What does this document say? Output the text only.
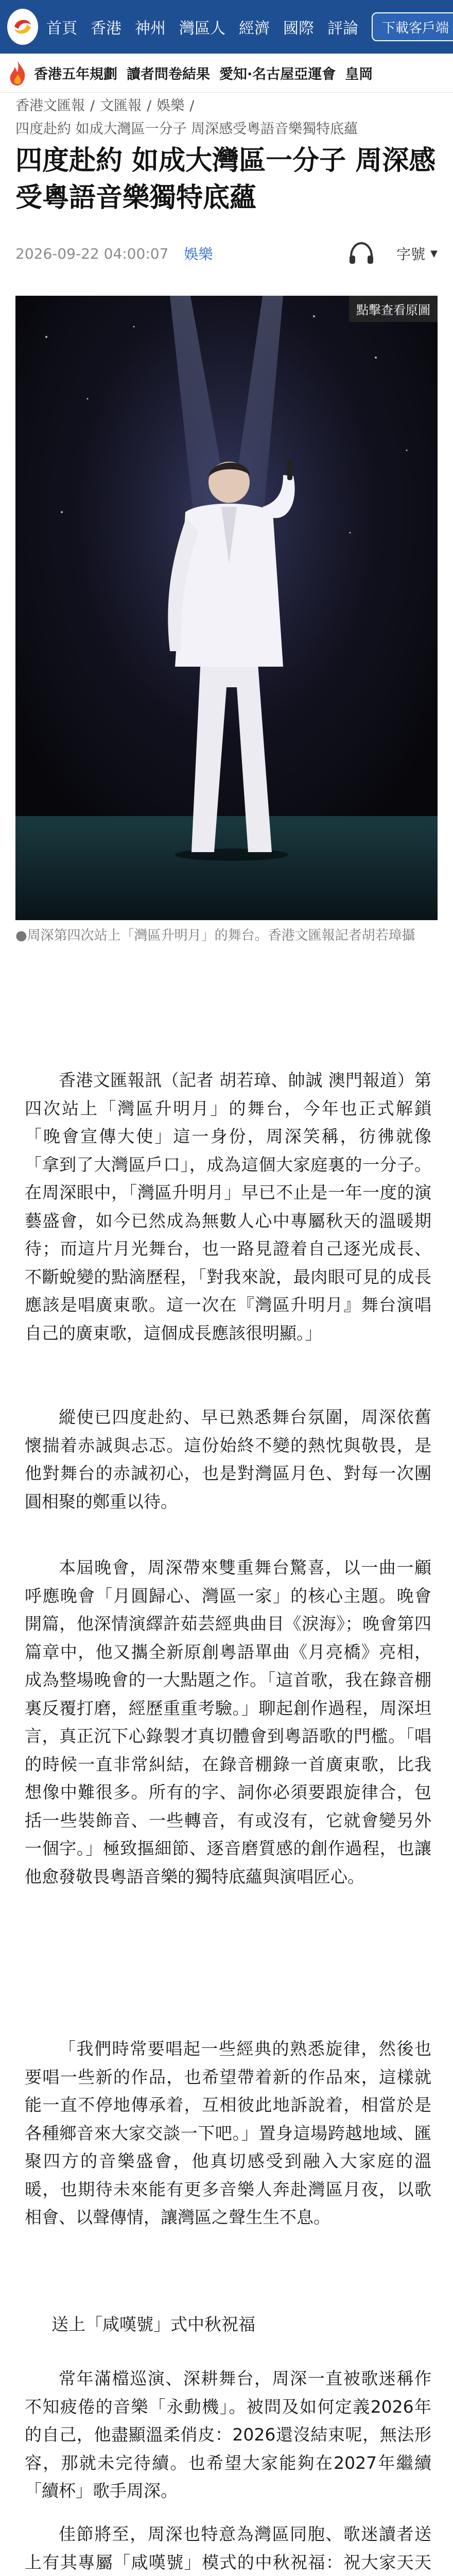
首頁 香港 神州 灣區人 經濟 國際 評論	下載客戶端
香港五年規劃 讀者問卷結果 愛知·名古屋亞運會 皇岡
香港文匯報 / 文匯報 / 娛樂 /
四度赴約 如成大灣區一分子 周深感受粵語音樂獨特底蘊
四度赴約 如成大灣區一分子 周深感受粵語音樂獨特底蘊
2026-09-22 04:00:07 娛樂	字號 ▼
點擊查看原圖
●周深第四次站上「灣區升明月」的舞台。香港文匯報記者胡若璋攝

香港文匯報訊（記者 胡若璋、帥誠 澳門報道）第四次站上「灣區升明月」的舞台，今年也正式解鎖「晚會宣傳大使」這一身份，周深笑稱，彷彿就像「拿到了大灣區戶口」，成為這個大家庭裏的一分子。在周深眼中，「灣區升明月」早已不止是一年一度的演藝盛會，如今已然成為無數人心中專屬秋天的溫暖期待；而這片月光舞台，也一路見證着自己逐光成長、不斷蛻變的點滴歷程，「對我來說，最肉眼可見的成長應該是唱廣東歌。這一次在『灣區升明月』舞台演唱自己的廣東歌，這個成長應該很明顯。」

縱使已四度赴約、早已熟悉舞台氛圍，周深依舊懷揣着赤誠與忐忑。這份始終不變的熱忱與敬畏，是他對舞台的赤誠初心，也是對灣區月色、對每一次團圓相聚的鄭重以待。

本屆晚會，周深帶來雙重舞台驚喜，以一曲一顧呼應晚會「月圓歸心、灣區一家」的核心主題。晚會開篇，他深情演繹許茹芸經典曲目《淚海》；晚會第四篇章中，他又攜全新原創粵語單曲《月亮橋》亮相，成為整場晚會的一大點題之作。「這首歌，我在錄音棚裏反覆打磨，經歷重重考驗。」聊起創作過程，周深坦言，真正沉下心錄製才真切體會到粵語歌的門檻。「唱的時候一直非常糾結，在錄音棚錄一首廣東歌，比我想像中難很多。所有的字、詞你必須要跟旋律合，包括一些裝飾音、一些轉音，有或沒有，它就會變另外一個字。」極致摳細節、逐音磨質感的創作過程，也讓他愈發敬畏粵語音樂的獨特底蘊與演唱匠心。

「我們時常要唱起一些經典的熟悉旋律，然後也要唱一些新的作品，也希望帶着新的作品來，這樣就能一直不停地傳承着，互相彼此地訴說着，相當於是各種鄉音來大家交談一下吧。」置身這場跨越地域、匯聚四方的音樂盛會，他真切感受到融入大家庭的溫暖，也期待未來能有更多音樂人奔赴灣區月夜，以歌相會、以聲傳情，讓灣區之聲生生不息。

送上「咸嘆號」式中秋祝福

常年滿檔巡演、深耕舞台，周深一直被歌迷稱作不知疲倦的音樂「永動機」。被問及如何定義2026年的自己，他盡顯溫柔俏皮：2026還沒結束呢，無法形容，那就未完待續。也希望大家能夠在2027年繼續「續杯」歌手周深。

佳節將至，周深也特意為灣區同胞、歌迷讀者送上有其專屬「咸嘆號」模式的中秋祝福：祝大家天天
